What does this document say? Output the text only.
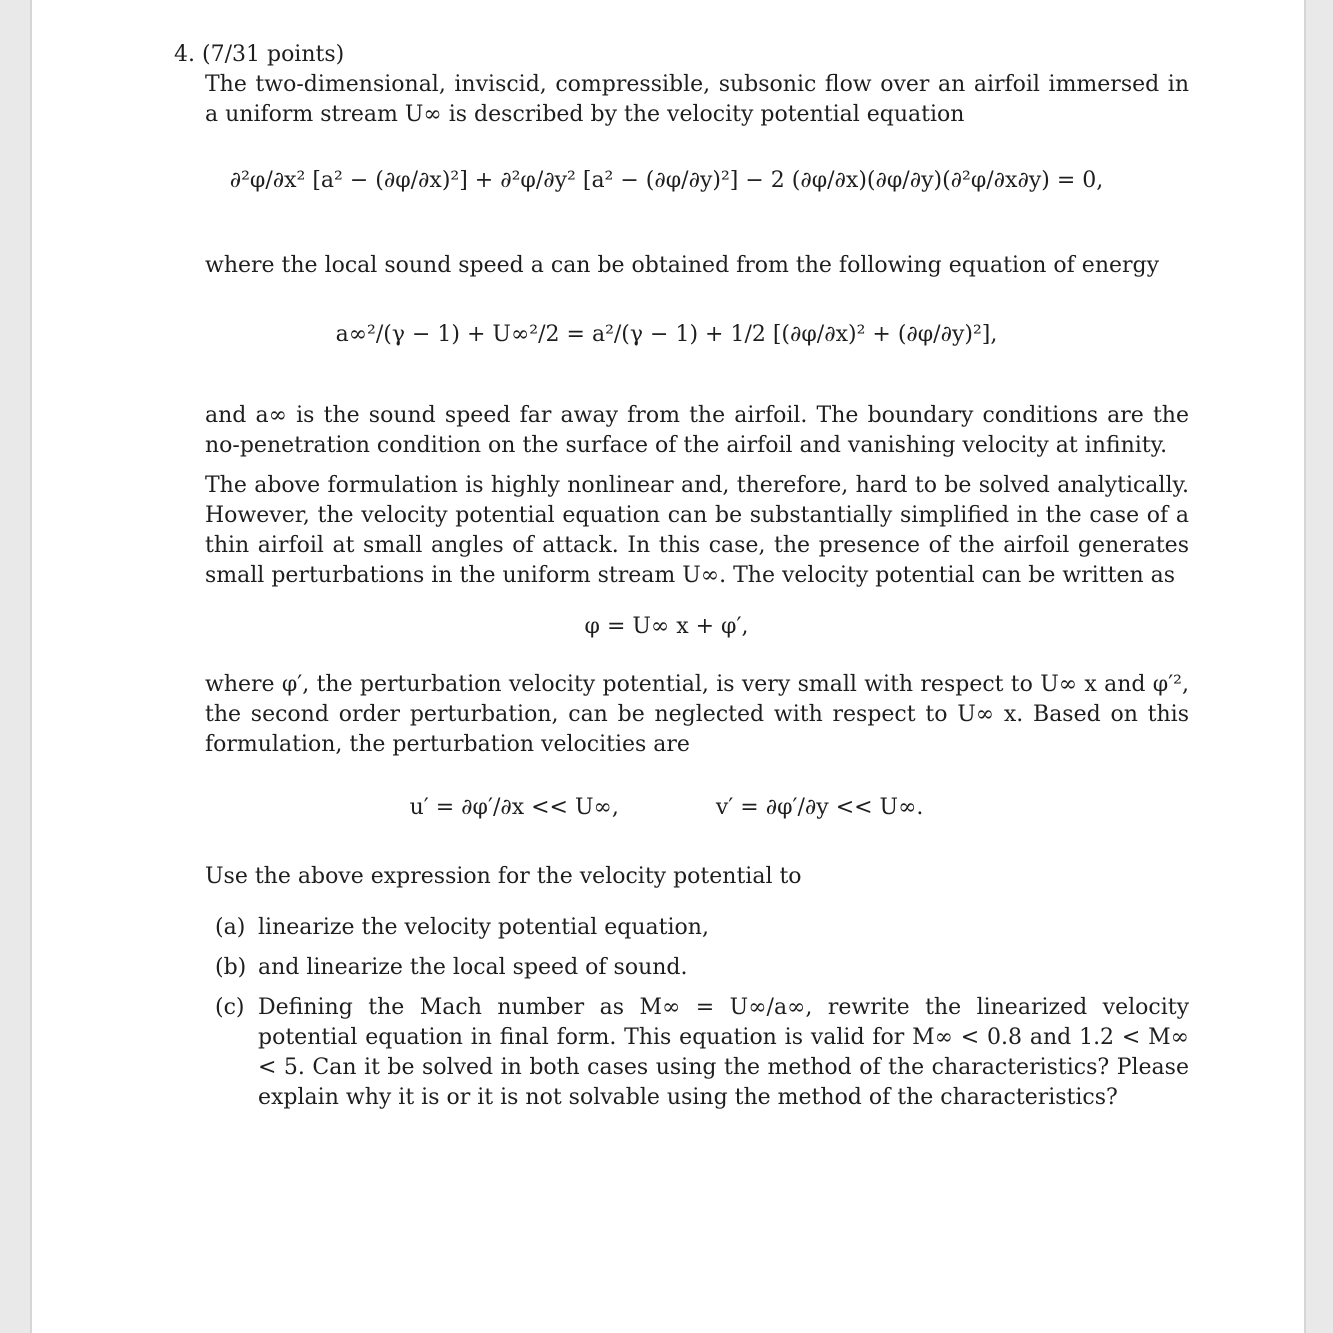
4. (7/31 points)
The two-dimensional, inviscid, compressible, subsonic flow over an airfoil immersed in a uniform stream U∞ is described by the velocity potential equation
∂²φ/∂x² [a² − (∂φ/∂x)²] + ∂²φ/∂y² [a² − (∂φ/∂y)²] − 2 (∂φ/∂x)(∂φ/∂y)(∂²φ/∂x∂y) = 0,
where the local sound speed a can be obtained from the following equation of energy
a∞²/(γ − 1) + U∞²/2 = a²/(γ − 1) + 1/2 [(∂φ/∂x)² + (∂φ/∂y)²],
and a∞ is the sound speed far away from the airfoil. The boundary conditions are the no-penetration condition on the surface of the airfoil and vanishing velocity at infinity.
The above formulation is highly nonlinear and, therefore, hard to be solved analytically. However, the velocity potential equation can be substantially simplified in the case of a thin airfoil at small angles of attack. In this case, the presence of the airfoil generates small perturbations in the uniform stream U∞. The velocity potential can be written as
φ = U∞ x + φ′,
where φ′, the perturbation velocity potential, is very small with respect to U∞ x and φ′², the second order perturbation, can be neglected with respect to U∞ x. Based on this formulation, the perturbation velocities are
u′ = ∂φ′/∂x << U∞,	v′ = ∂φ′/∂y << U∞.
Use the above expression for the velocity potential to
(a) linearize the velocity potential equation,
(b) and linearize the local speed of sound.
(c) Defining the Mach number as M∞ = U∞/a∞, rewrite the linearized velocity potential equation in final form. This equation is valid for M∞ < 0.8 and 1.2 < M∞ < 5. Can it be solved in both cases using the method of the characteristics? Please explain why it is or it is not solvable using the method of the characteristics?
